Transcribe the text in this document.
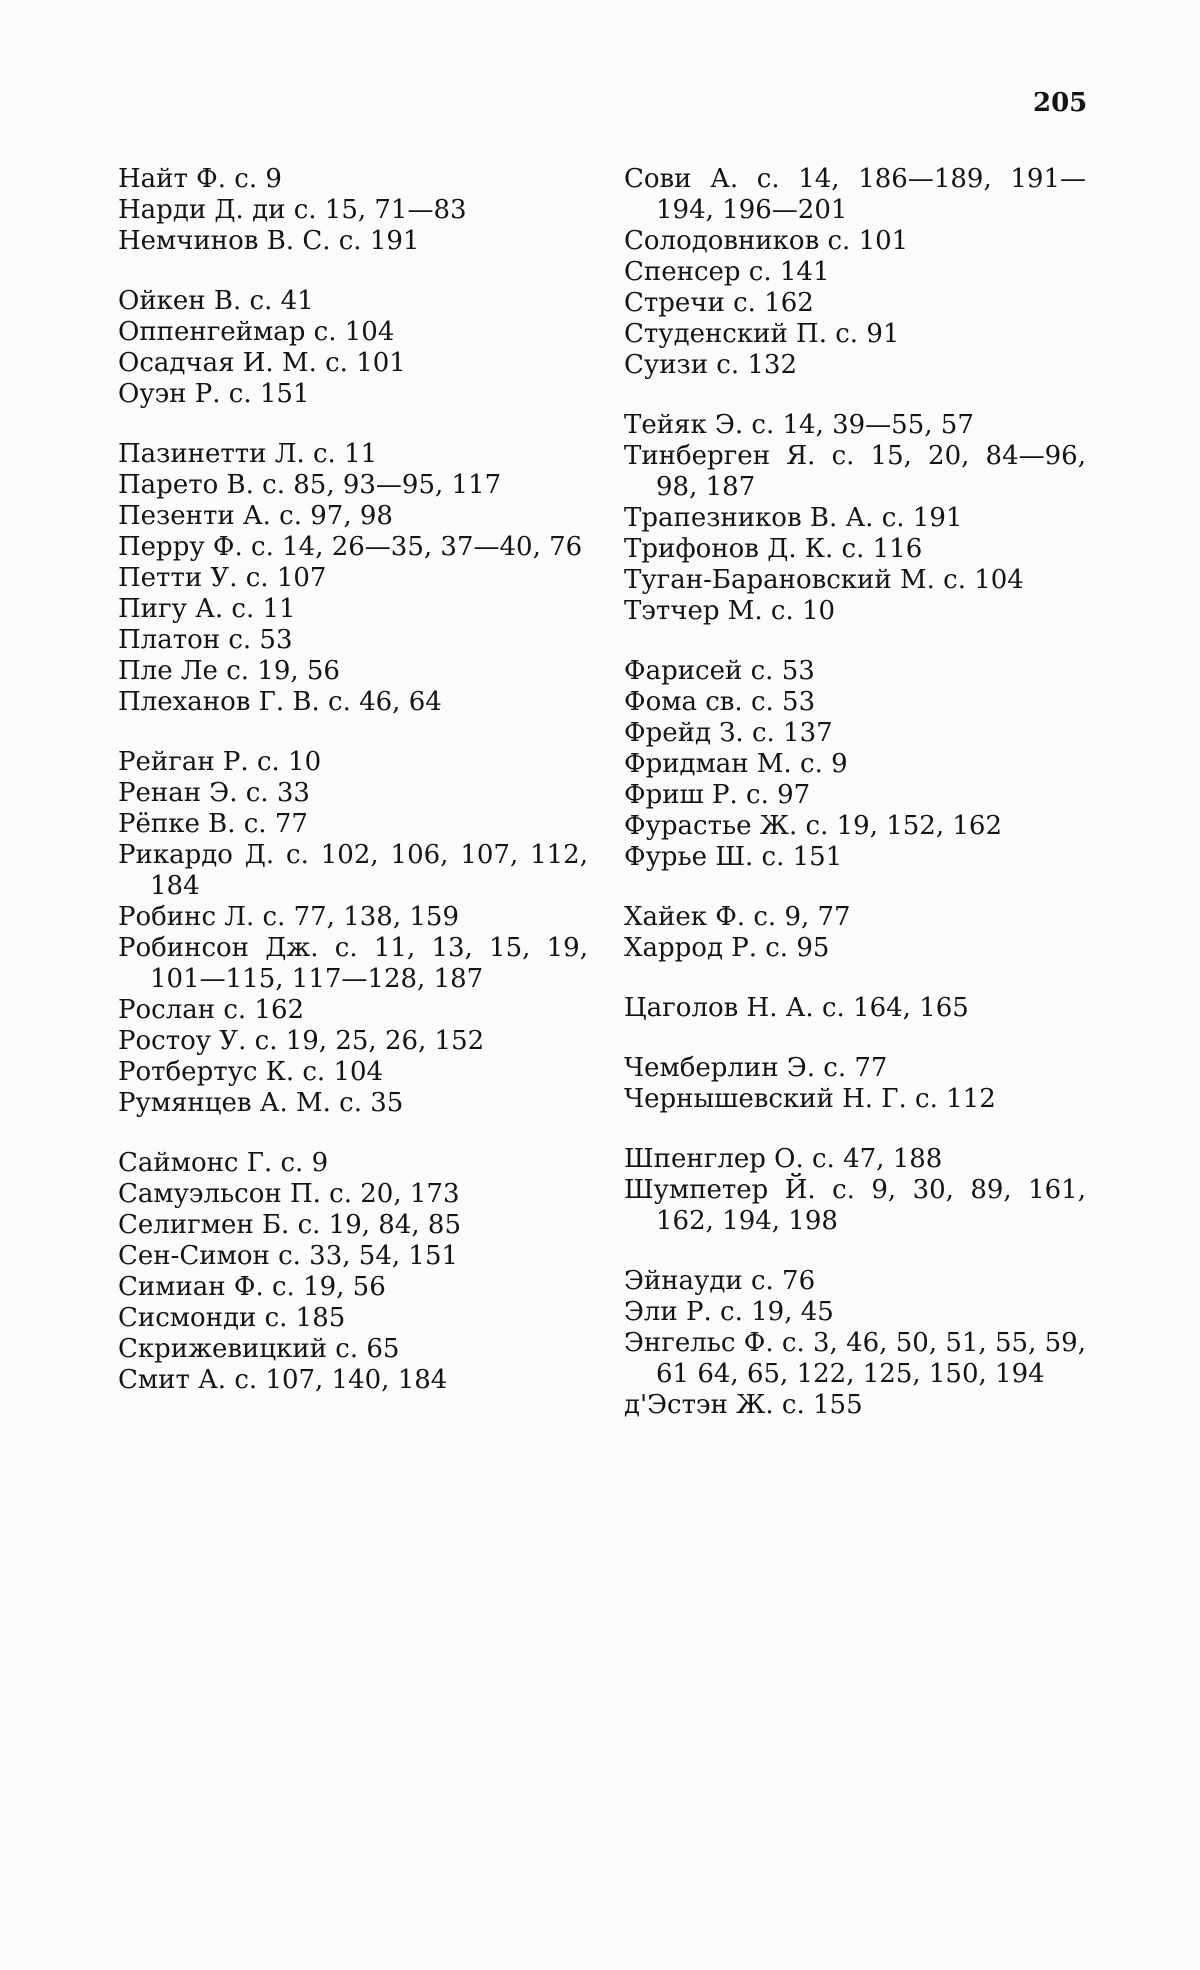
205
Найт Ф. с. 9
Нарди Д. ди с. 15, 71—83
Немчинов В. С. с. 191
Ойкен В. с. 41
Оппенгеймар с. 104
Осадчая И. М. с. 101
Оуэн Р. с. 151
Пазинетти Л. с. 11
Парето В. с. 85, 93—95, 117
Пезенти А. с. 97, 98
Перру Ф. с. 14, 26—35, 37—40, 76
Петти У. с. 107
Пигу А. с. 11
Платон с. 53
Пле Ле с. 19, 56
Плеханов Г. В. с. 46, 64
Рейган Р. с. 10
Ренан Э. с. 33
Рёпке В. с. 77
Рикардо Д. с. 102, 106, 107, 112, 184
Робинс Л. с. 77, 138, 159
Робинсон Дж. с. 11, 13, 15, 19, 101—115, 117—128, 187
Рослан с. 162
Ростоу У. с. 19, 25, 26, 152
Ротбертус К. с. 104
Румянцев А. М. с. 35
Саймонс Г. с. 9
Самуэльсон П. с. 20, 173
Селигмен Б. с. 19, 84, 85
Сен-Симон с. 33, 54, 151
Симиан Ф. с. 19, 56
Сисмонди с. 185
Скрижевицкий с. 65
Смит А. с. 107, 140, 184
Сови А. с. 14, 186—189, 191—194, 196—201
Солодовников с. 101
Спенсер с. 141
Стречи с. 162
Студенский П. с. 91
Суизи с. 132
Тейяк Э. с. 14, 39—55, 57
Тинберген Я. с. 15, 20, 84—96, 98, 187
Трапезников В. А. с. 191
Трифонов Д. К. с. 116
Туган-Барановский М. с. 104
Тэтчер М. с. 10
Фарисей с. 53
Фома св. с. 53
Фрейд З. с. 137
Фридман М. с. 9
Фриш Р. с. 97
Фурастье Ж. с. 19, 152, 162
Фурье Ш. с. 151
Хайек Ф. с. 9, 77
Харрод Р. с. 95
Цаголов Н. А. с. 164, 165
Чемберлин Э. с. 77
Чернышевский Н. Г. с. 112
Шпенглер О. с. 47, 188
Шумпетер Й. с. 9, 30, 89, 161, 162, 194, 198
Эйнауди с. 76
Эли Р. с. 19, 45
Энгельс Ф. с. 3, 46, 50, 51, 55, 59, 61 64, 65, 122, 125, 150, 194
д'Эстэн Ж. с. 155
